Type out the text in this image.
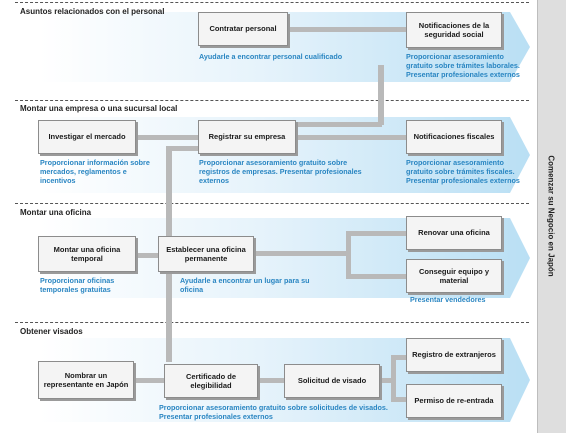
Asuntos relacionados con el personal
Montar una empresa o una sucursal local
Montar una oficina
Obtener visados
Contratar personal
Ayudarle a encontrar personal cualificado
Notificaciones de la seguridad social
Proporcionar asesoramiento gratuito sobre trámites laborales. Presentar profesionales externos
Investigar el mercado
Proporcionar información sobre mercados, reglamentos e incentivos
Registrar su empresa
Proporcionar asesoramiento gratuito sobre registros de empresas. Presentar profesionales externos
Notificaciones fiscales
Proporcionar asesoramiento gratuito sobre trámites fiscales. Presentar profesionales externos
Montar una oficina temporal
Proporcionar oficinas temporales gratuitas
Establecer una oficina permanente
Ayudarle a encontrar un lugar para su oficina
Renovar una oficina
Conseguir equipo y material
Presentar vendedores
Nombrar un representante en Japón
Certificado de elegibilidad
Solicitud de visado
Registro de extranjeros
Permiso de re-entrada
Proporcionar asesoramiento gratuito sobre solicitudes de visados. Presentar profesionales externos
Comenzar su Negocio en Japón
